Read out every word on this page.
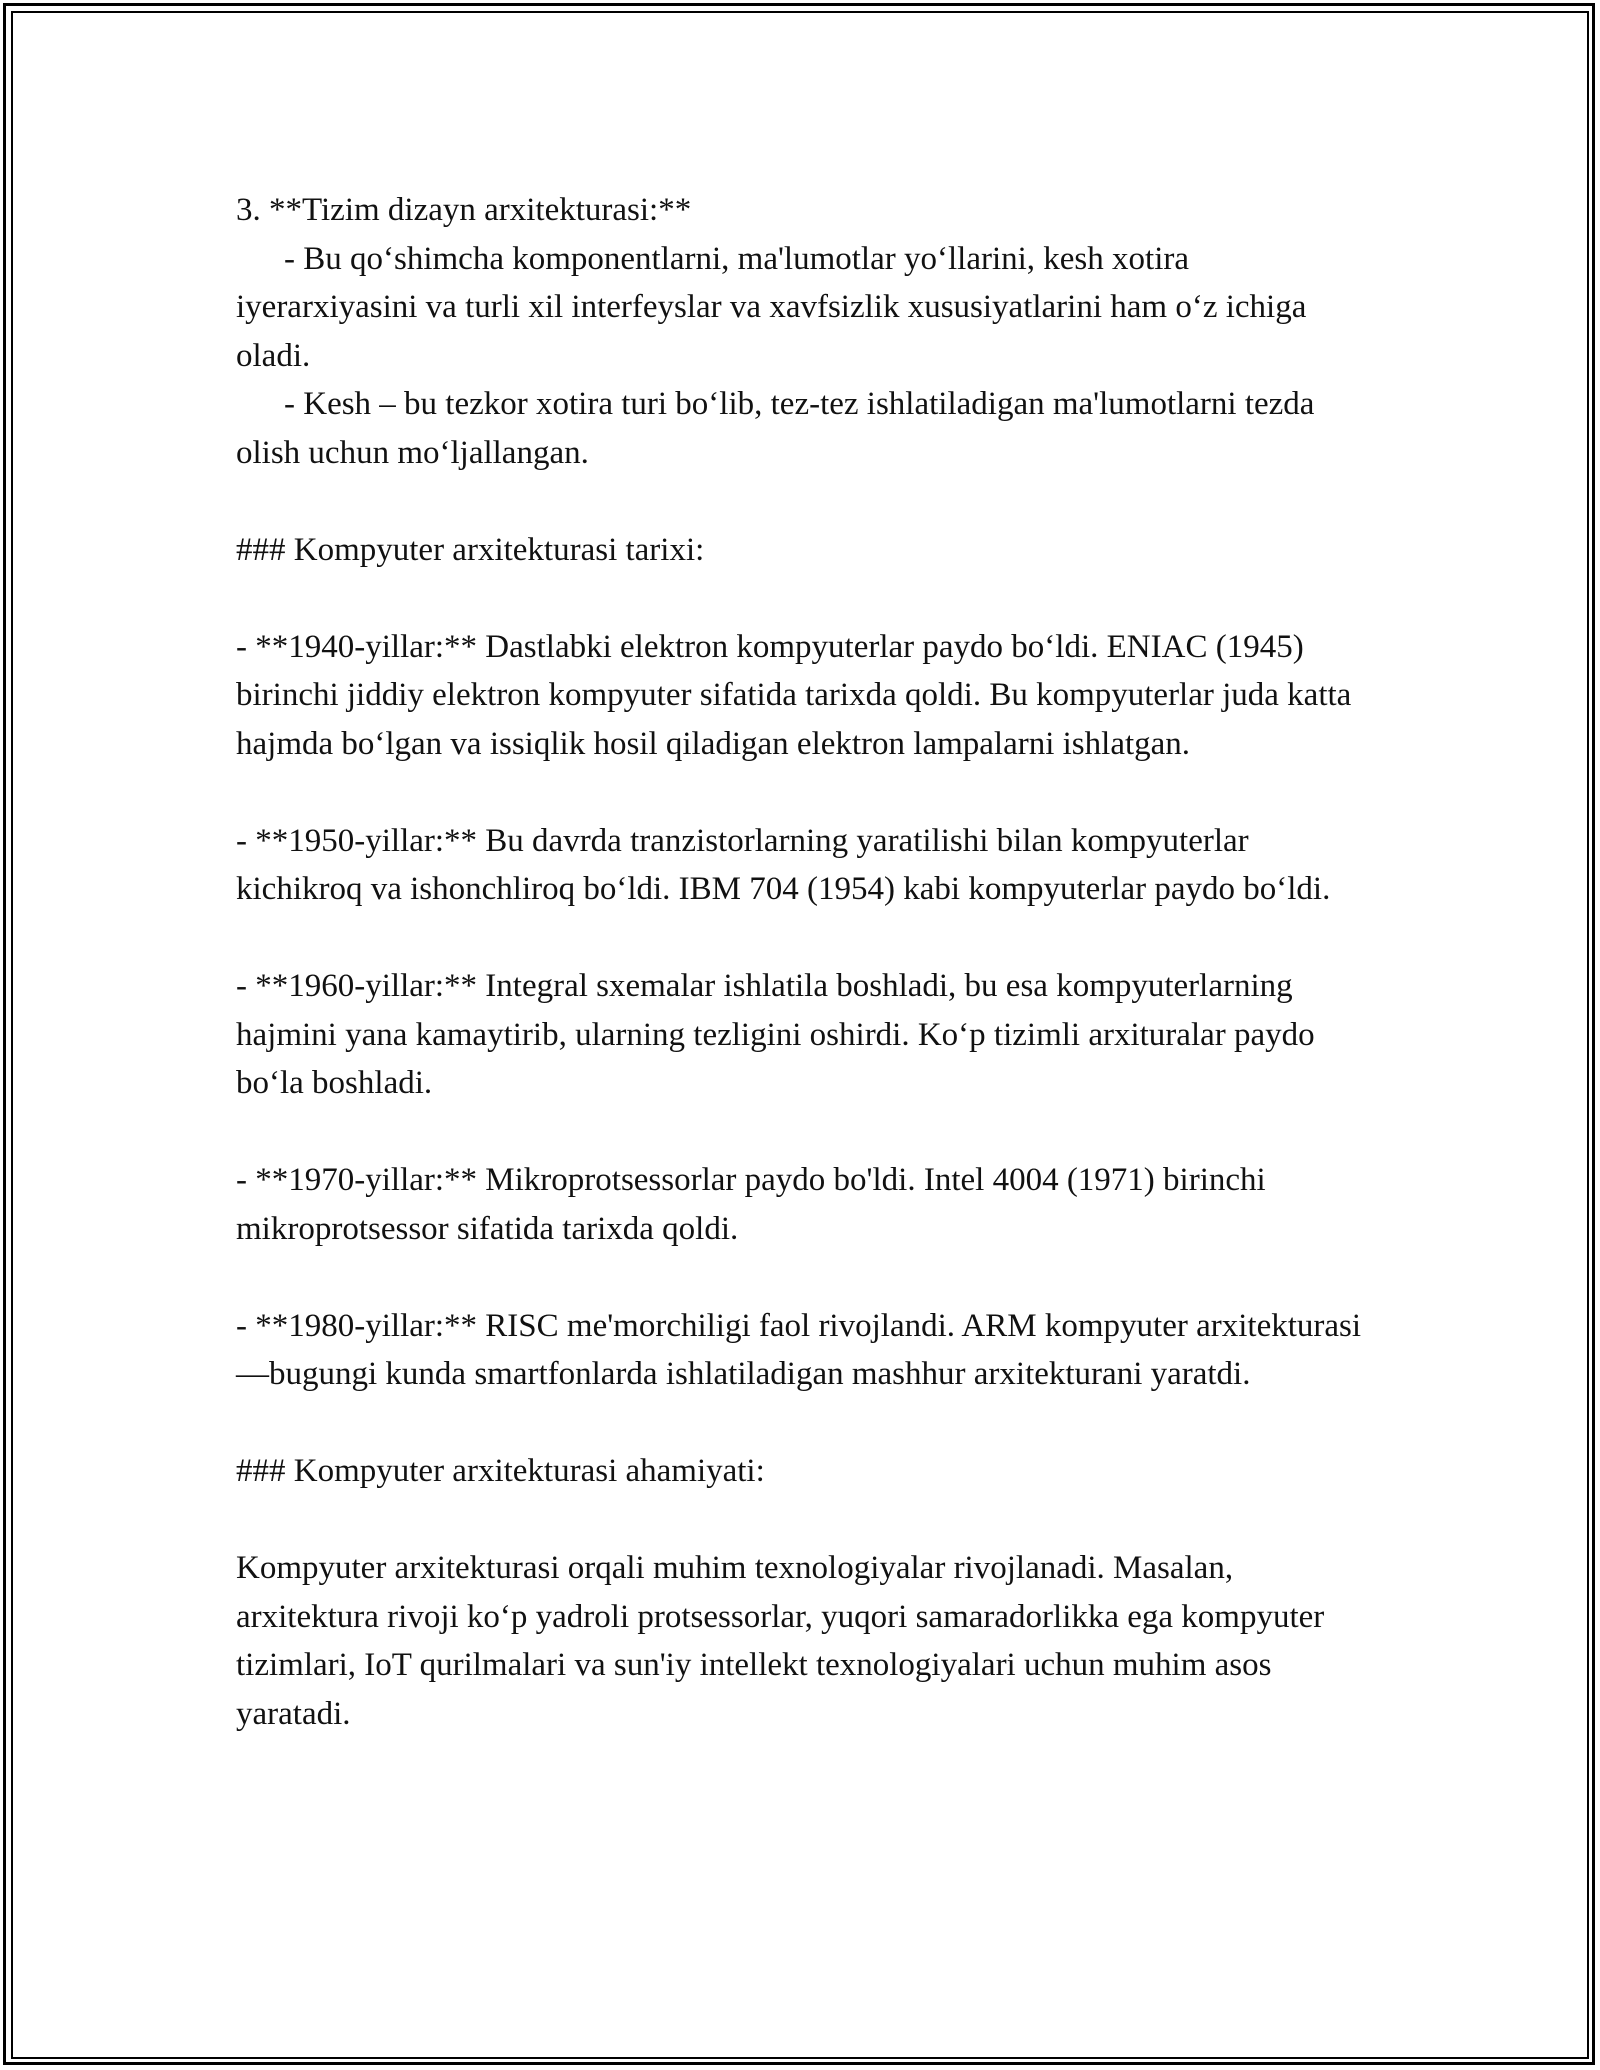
3. **Tizim dizayn arxitekturasi:**

- Bu qo‘shimcha komponentlarni, ma'lumotlar yo‘llarini, kesh xotira iyerarxiyasini va turli xil interfeyslar va xavfsizlik xususiyatlarini ham o‘z ichiga oladi.

- Kesh – bu tezkor xotira turi bo‘lib, tez-tez ishlatiladigan ma'lumotlarni tezda olish uchun mo‘ljallangan.

### Kompyuter arxitekturasi tarixi:

- **1940-yillar:** Dastlabki elektron kompyuterlar paydo bo‘ldi. ENIAC (1945) birinchi jiddiy elektron kompyuter sifatida tarixda qoldi. Bu kompyuterlar juda katta hajmda bo‘lgan va issiqlik hosil qiladigan elektron lampalarni ishlatgan.

- **1950-yillar:** Bu davrda tranzistorlarning yaratilishi bilan kompyuterlar kichikroq va ishonchliroq bo‘ldi. IBM 704 (1954) kabi kompyuterlar paydo bo‘ldi.

- **1960-yillar:** Integral sxemalar ishlatila boshladi, bu esa kompyuterlarning hajmini yana kamaytirib, ularning tezligini oshirdi. Ko‘p tizimli arxituralar paydo bo‘la boshladi.

- **1970-yillar:** Mikroprotsessorlar paydo bo'ldi. Intel 4004 (1971) birinchi mikroprotsessor sifatida tarixda qoldi.

- **1980-yillar:** RISC me'morchiligi faol rivojlandi. ARM kompyuter arxitekturasi—bugungi kunda smartfonlarda ishlatiladigan mashhur arxitekturani yaratdi.

### Kompyuter arxitekturasi ahamiyati:

Kompyuter arxitekturasi orqali muhim texnologiyalar rivojlanadi. Masalan, arxitektura rivoji ko‘p yadroli protsessorlar, yuqori samaradorlikka ega kompyuter tizimlari, IoT qurilmalari va sun'iy intellekt texnologiyalari uchun muhim asos yaratadi.
